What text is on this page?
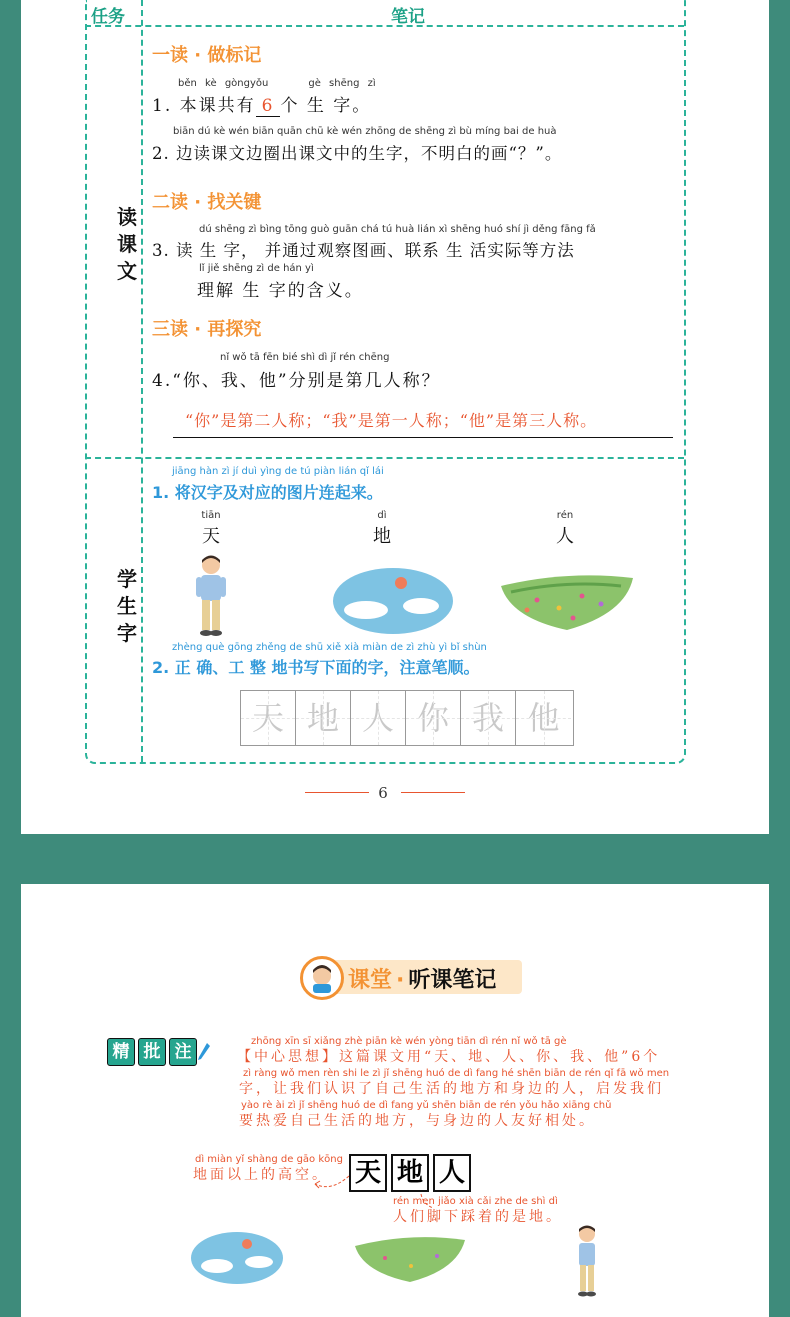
任务	笔记
读
课
文
学
生
字
一读 · 做标记
běn kè gòngyǒu	gè shēng zì
1. 本课共有 6 个 生 字。
biān dú kè wén biān quān chū kè wén zhōng de shēng zì bù míng bai de huà
2. 边读课文边圈出课文中的生字，不明白的画“？”。
二读 · 找关键
dú shēng zì bìng tōng guò guān chá tú huà lián xì shēng huó shí jì děng fāng fǎ
3. 读 生 字， 并通过观察图画、联系 生 活实际等方法
lǐ jiě shēng zì de hán yì
理解 生 字的含义。
三读 · 再探究
nǐ wǒ tā fēn bié shì dì jǐ rén chēng
4.“你、我、他”分别是第几人称？
“你”是第二人称；“我”是第一人称；“他”是第三人称。
jiāng hàn zì jí duì yìng de tú piàn lián qǐ lái
1. 将汉字及对应的图片连起来。
tiān
天
dì
地
rén
人
zhèng què gōng zhěng de shū xiě xià miàn de zì zhù yì bǐ shùn
2. 正 确、工 整 地书写下面的字，注意笔顺。
天 地 人 你 我 他
6
课堂 · 听课笔记
精 批 注
zhōng xīn sī xiǎng zhè piān kè wén yòng tiān dì rén nǐ wǒ tā gè
【中心思想】这篇课文用“天、地、人、你、我、他”6个
zì ràng wǒ men rèn shi le zì jǐ shēng huó de dì fang hé shēn biān de rén qǐ fā wǒ men
字，让我们认识了自己生活的地方和身边的人，启发我们
yào rè ài zì jǐ shēng huó de dì fang yǔ shēn biān de rén yǒu hǎo xiāng chǔ
要热爱自己生活的地方，与身边的人友好相处。
dì miàn yǐ shàng de gāo kōng
地面以上的高空。 天 地 人
rén men jiǎo xià cǎi zhe de shì dì
人们脚下踩着的是地。
